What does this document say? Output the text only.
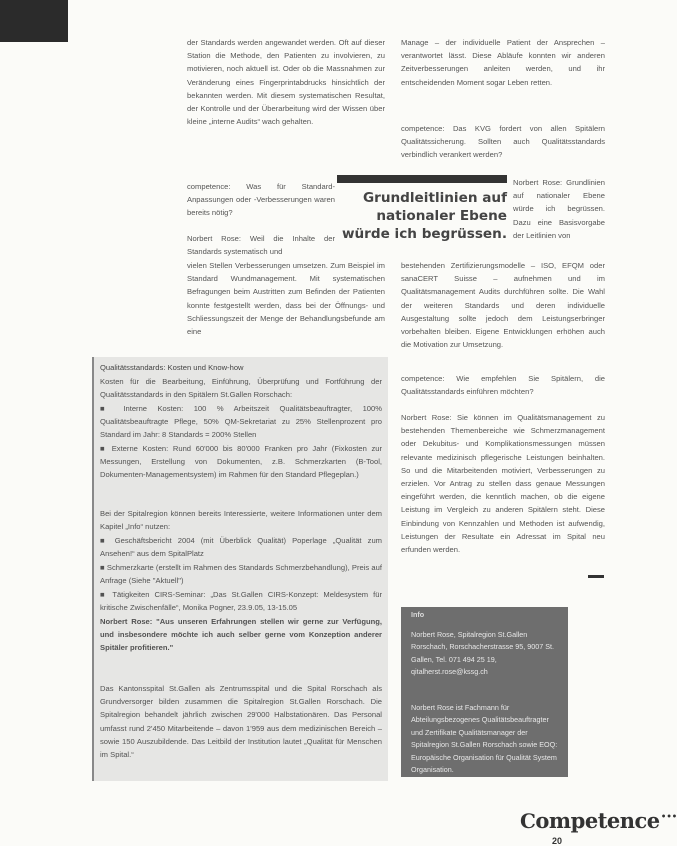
der Standards werden angewandet werden. Oft auf dieser Station die Methode, den Patienten zu involvieren, zu motivieren, noch aktuell ist. Oder ob die Massnahmen zur Veränderung eines Fingerprintabdrucks hinsichtlich der bekannten werden. Mit diesem systematischen Resultat, der Kontrolle und der Überarbeitung wird der Wissen über kleine „interne Audits“ wach gehalten.

competence: Was für Standard-Anpassungen oder -Verbesserungen waren bereits nötig?

Norbert Rose: Weil die Inhalte der Standards systematisch und

vielen Stellen Verbesserungen umsetzen. Zum Beispiel im Standard Wundmanagement. Mit systematischen Befragungen beim Austritten zum Befinden der Patienten konnte festgestellt werden, dass bei der Öffnungs- und Schliessungszeit der Menge der Behandlungsbefunde am eine

Grundleitlinien auf nationaler Ebene würde ich begrüssen.

Manage – der individuelle Patient der Ansprechen – verantwortet lässt. Diese Abläufe konnten wir anderen Zeitverbesserungen anleiten werden, und ihr entscheidenden Moment sogar Leben retten.

competence: Das KVG fordert von allen Spitälern Qualitätssicherung. Sollten auch Qualitätsstandards verbindlich verankert werden?

Norbert Rose: Grundlinien auf nationaler Ebene würde ich begrüssen. Dazu eine Basisvorgabe der Leitlinien von

bestehenden Zertifizierungsmodelle – ISO, EFQM oder sanaCERT Suisse – aufnehmen und im Qualitätsmanagement Audits durchführen sollte. Die Wahl der weiteren Standards und deren individuelle Ausgestaltung sollte jedoch dem Leistungserbringer vorbehalten bleiben. Eigene Entwicklungen erhöhen auch die Motivation zur Umsetzung.

competence: Wie empfehlen Sie Spitälern, die Qualitätsstandards einführen möchten?

Norbert Rose: Sie können im Qualitätsmanagement zu bestehenden Themenbereiche wie Schmerzmanagement oder Dekubitus- und Komplikationsmessungen müssen relevante medizinisch pflegerische Leistungen beinhalten. So und die Mitarbeitenden motiviert, Verbesserungen zu erzielen. Vor Antrag zu stellen dass genaue Messungen eingeführt werden, die kenntlich machen, ob die eigene Leistung im Vergleich zu anderen Spitälern steht. Diese Einbindung von Kennzahlen und Methoden ist aufwendig, Leistungen der Resultate ein Adressat im Spital neu erfunden werden.

Qualitätsstandards: Kosten und Know-how

Kosten für die Bearbeitung, Einführung, Überprüfung und Fortführung der Qualitätsstandards in den Spitälern St.Gallen Rorschach:

■ Interne Kosten: 100 % Arbeitszeit Qualitätsbeauftragter, 100% Qualitätsbeauftragte Pflege, 50% QM-Sekretariat zu 25% Stellenprozent pro Standard im Jahr: 8 Standards = 200% Stellen

■ Externe Kosten: Rund 60'000 bis 80'000 Franken pro Jahr (Fixkosten zur Messungen, Erstellung von Dokumenten, z.B. Schmerzkarten (B-Tool, Dokumenten-Managementsystem) im Rahmen für den Standard Pflegeplan.)

Bei der Spitalregion können bereits Interessierte, weitere Informationen unter dem Kapitel „Info“ nutzen:

■ Geschäftsbericht 2004 (mit Überblick Qualität) Poperlage „Qualität zum Ansehen!“ aus dem SpitalPlatz

■ Schmerzkarte (erstellt im Rahmen des Standards Schmerzbehandlung), Preis auf Anfrage (Siehe "Aktuell")

■ Tätigkeiten CIRS-Seminar: „Das St.Gallen CIRS-Konzept: Meldesystem für kritische Zwischenfälle“, Monika Pogner, 23.9.05, 13-15.05

Norbert Rose: "Aus unseren Erfahrungen stellen wir gerne zur Verfügung, und insbesondere möchte ich auch selber gerne vom Konzeption anderer Spitäler profitieren."

Das Kantonsspital St.Gallen als Zentrumsspital und die Spital Rorschach als Grundversorger bilden zusammen die Spitalregion St.Gallen Rorschach. Die Spitalregion behandelt jährlich zwischen 29'000 Halbstationären. Das Personal umfasst rund 2'450 Mitarbeitende – davon 1'959 aus dem medizinischen Bereich – sowie 150 Auszubildende. Das Leitbild der Institution lautet „Qualität für Menschen im Spital.“

Info

Norbert Rose, Spitalregion St.Gallen Rorschach, Rorschacherstrasse 95, 9007 St. Gallen, Tel. 071 494 25 19, qitalherst.rose@kssg.ch

Norbert Rose ist Fachmann für Abteilungsbezogenes Qualitätsbeauftragter und Zertifikate Qualitätsmanager der Spitalregion St.Gallen Rorschach sowie EOQ: Europäische Organisation für Qualität System Organisation.

Competence•••
20
